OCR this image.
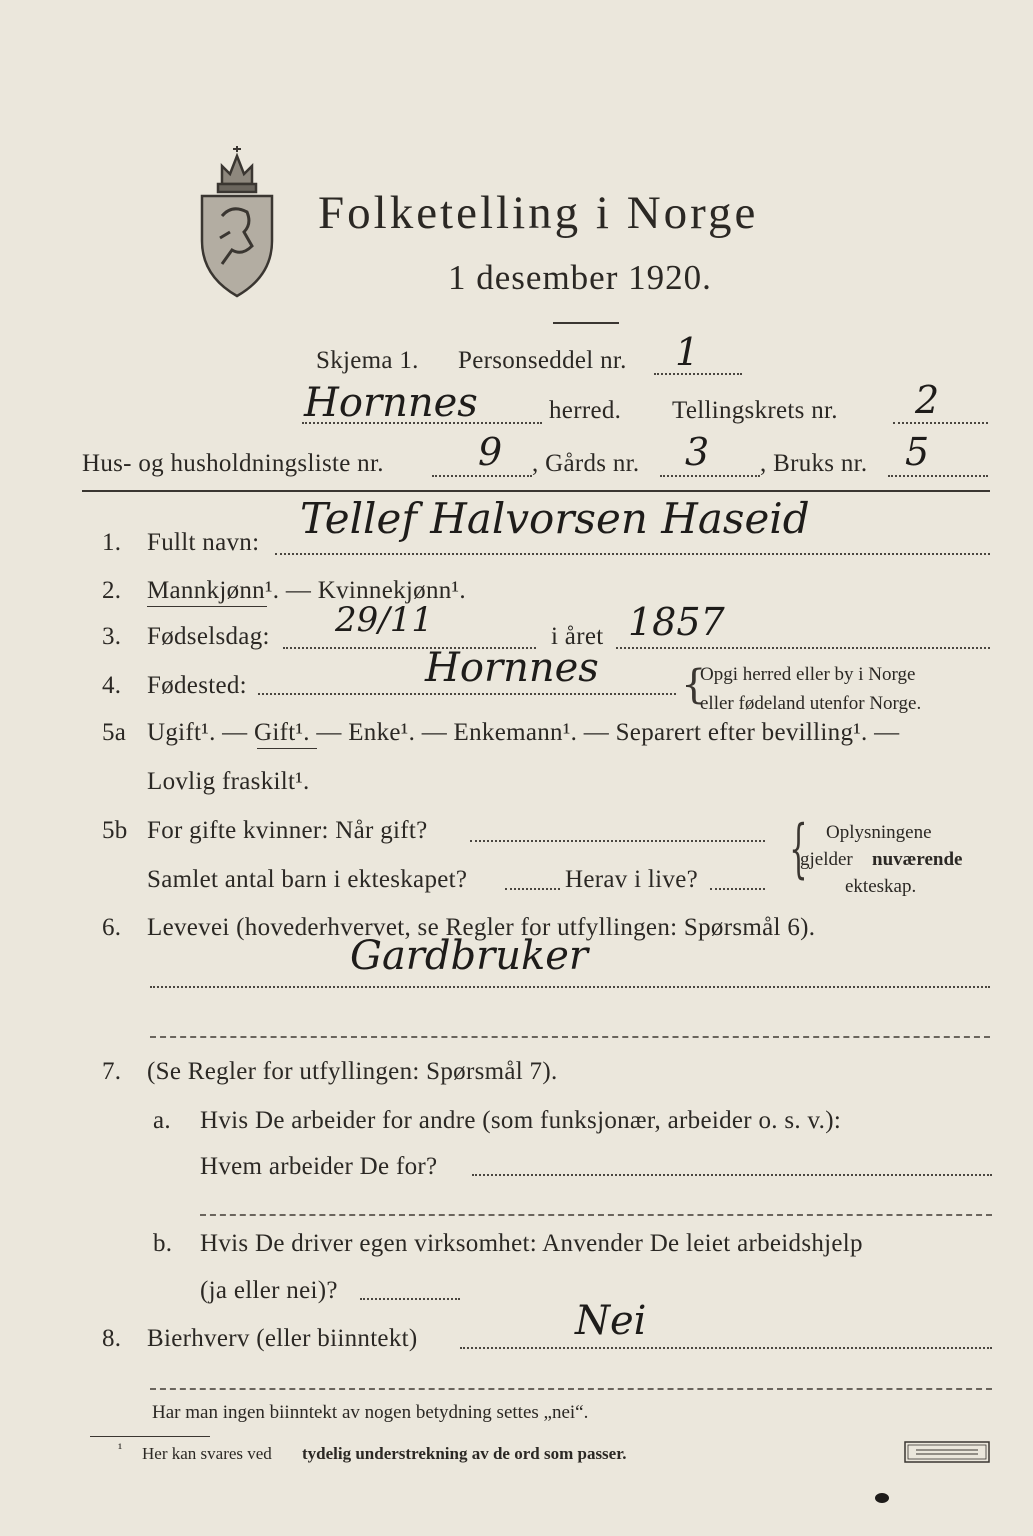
Folketelling i Norge
1 desember 1920.
Skjema 1. Personseddel nr. 1
Hornnes	herred. Tellingskrets nr. 2
Hus- og husholdningsliste nr. 9 , Gårds nr. 3 , Bruks nr. 5
1. Fullt navn: Tellef Halvorsen Haseid
2. Mannkjønn¹. — Kvinnekjønn¹.
3. Fødselsdag: 29/11	i året 1857
4. Fødested:	Hornnes {
Opgi herred eller by i Norge
eller fødeland utenfor Norge.
5a Ugift¹. — Gift¹. — Enke¹. — Enkemann¹. — Separert efter bevilling¹. —
Lovlig fraskilt¹.
5b For gifte kvinner: Når gift?
Samlet antal barn i ekteskapet?	Herav i live? { Oplysningene
gjelder nuværende
ekteskap.
6. Levevei (hovederhvervet, se Regler for utfyllingen: Spørsmål 6).
Gardbruker
7. (Se Regler for utfyllingen: Spørsmål 7).
a. Hvis De arbeider for andre (som funksjonær, arbeider o. s. v.):
Hvem arbeider De for?
b. Hvis De driver egen virksomhet: Anvender De leiet arbeidshjelp
(ja eller nei)?
8. Bierhverv (eller biinntekt)	Nei
Har man ingen biinntekt av nogen betydning settes „nei“.
¹ Her kan svares ved tydelig understrekning av de ord som passer.
